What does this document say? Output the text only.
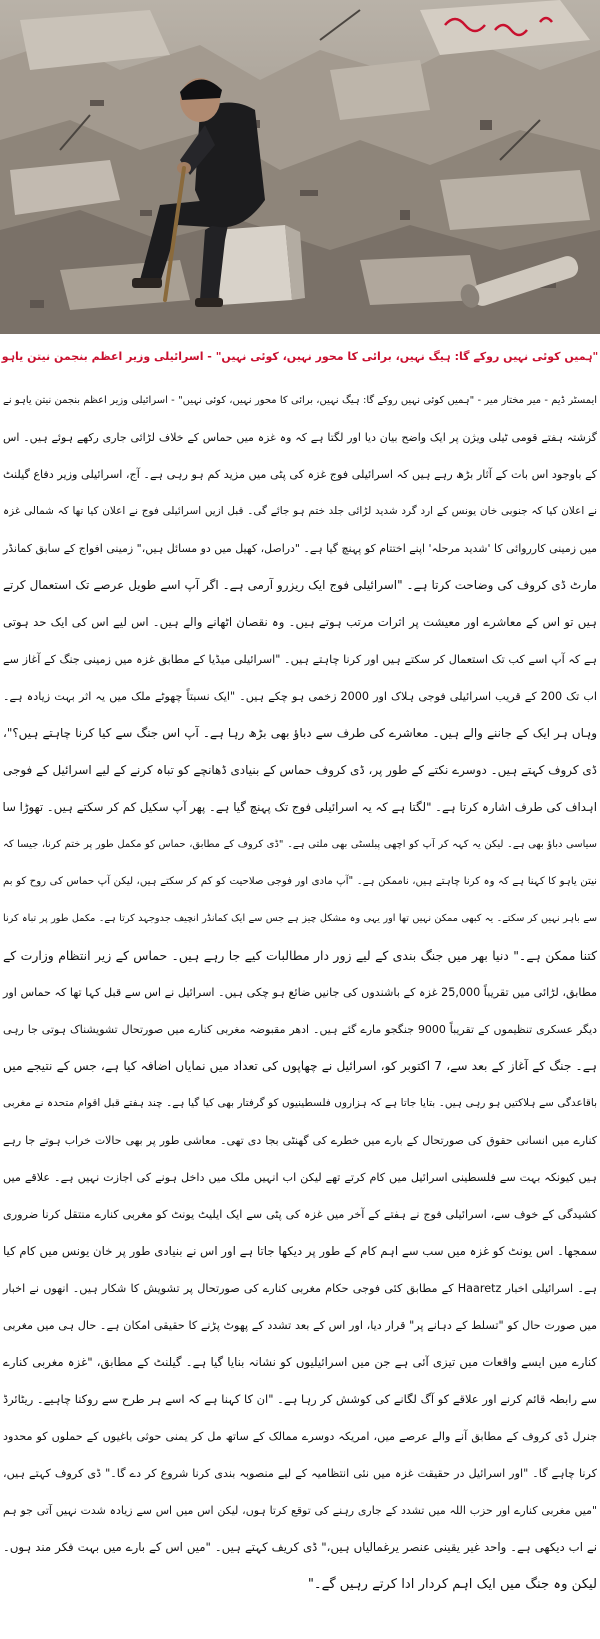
"ہمیں کوئی نہیں روکے گا: ہیگ نہیں، برائی کا محور نہیں، کوئی نہیں" - اسرائیلی وزیر اعظم بنجمن نیتن یاہو
ایمسٹر ڈیم - میر مختار میر - "ہمیں کوئی نہیں روکے گا: ہیگ نہیں، برائی کا محور نہیں، کوئی نہیں" - اسرائیلی وزیر اعظم بنجمن نیتن یاہو نے
گزشتہ ہفتے قومی ٹیلی ویژن پر ایک واضح بیان دیا اور لگتا ہے کہ وہ غزہ میں حماس کے خلاف لڑائی جاری رکھے ہوئے ہیں۔ اس
کے باوجود اس بات کے آثار بڑھ رہے ہیں کہ اسرائیلی فوج غزہ کی پٹی میں مزید کم ہو رہی ہے۔ آج، اسرائیلی وزیر دفاع گیلنٹ
نے اعلان کیا کہ جنوبی خان یونس کے ارد گرد شدید لڑائی جلد ختم ہو جائے گی۔ قبل ازیں اسرائیلی فوج نے اعلان کیا تھا کہ شمالی غزہ
میں زمینی کارروائی کا 'شدید مرحلہ' اپنے اختتام کو پہنچ گیا ہے۔ "دراصل، کھیل میں دو مسائل ہیں،" زمینی افواج کے سابق کمانڈر
مارٹ ڈی کروف کی وضاحت کرتا ہے۔ "اسرائیلی فوج ایک ریزرو آرمی ہے۔ اگر آپ اسے طویل عرصے تک استعمال کرتے
ہیں تو اس کے معاشرے اور معیشت پر اثرات مرتب ہوتے ہیں۔ وہ نقصان اٹھانے والے ہیں۔ اس لیے اس کی ایک حد ہوتی
ہے کہ آپ اسے کب تک استعمال کر سکتے ہیں اور کرنا چاہتے ہیں۔ "اسرائیلی میڈیا کے مطابق غزہ میں زمینی جنگ کے آغاز سے
اب تک 200 کے قریب اسرائیلی فوجی ہلاک اور 2000 زخمی ہو چکے ہیں۔ "ایک نسبتاً چھوٹے ملک میں یہ اثر بہت زیادہ ہے۔
وہاں ہر ایک کے جاننے والے ہیں۔ معاشرے کی طرف سے دباؤ بھی بڑھ رہا ہے۔ آپ اس جنگ سے کیا کرنا چاہتے ہیں؟"،
ڈی کروف کہتے ہیں۔ دوسرے نکتے کے طور پر، ڈی کروف حماس کے بنیادی ڈھانچے کو تباہ کرنے کے لیے اسرائیل کے فوجی
اہداف کی طرف اشارہ کرتا ہے۔ "لگتا ہے کہ یہ اسرائیلی فوج تک پہنچ گیا ہے۔ پھر آپ سکیل کم کر سکتے ہیں۔ تھوڑا سا
سیاسی دباؤ بھی ہے۔ لیکن یہ کہہ کر آپ کو اچھی پبلسٹی بھی ملتی ہے۔ "ڈی کروف کے مطابق، حماس کو مکمل طور پر ختم کرنا، جیسا کہ
نیتن یاہو کا کہنا ہے کہ وہ کرنا چاہتے ہیں، ناممکن ہے۔ "آپ مادی اور فوجی صلاحیت کو کم کر سکتے ہیں، لیکن آپ حماس کی روح کو بم
سے باہر نہیں کر سکتے۔ یہ کبھی ممکن نہیں تھا اور یہی وہ مشکل چیز ہے جس سے ایک کمانڈر انچیف جدوجہد کرتا ہے۔ مکمل طور پر تباہ کرنا
کتنا ممکن ہے۔" دنیا بھر میں جنگ بندی کے لیے زور دار مطالبات کیے جا رہے ہیں۔ حماس کے زیر انتظام وزارت کے
مطابق، لڑائی میں تقریباً 25,000 غزہ کے باشندوں کی جانیں ضائع ہو چکی ہیں۔ اسرائیل نے اس سے قبل کہا تھا کہ حماس اور
دیگر عسکری تنظیموں کے تقریباً 9000 جنگجو مارے گئے ہیں۔ ادھر مقبوضہ مغربی کنارے میں صورتحال تشویشناک ہوتی جا رہی
ہے۔ جنگ کے آغاز کے بعد سے، 7 اکتوبر کو، اسرائیل نے چھاپوں کی تعداد میں نمایاں اضافہ کیا ہے، جس کے نتیجے میں
باقاعدگی سے ہلاکتیں ہو رہی ہیں۔ بتایا جاتا ہے کہ ہزاروں فلسطینیوں کو گرفتار بھی کیا گیا ہے۔ چند ہفتے قبل اقوام متحدہ نے مغربی
کنارے میں انسانی حقوق کی صورتحال کے بارے میں خطرے کی گھنٹی بجا دی تھی۔ معاشی طور پر بھی حالات خراب ہوتے جا رہے
ہیں کیونکہ بہت سے فلسطینی اسرائیل میں کام کرتے تھے لیکن اب انہیں ملک میں داخل ہونے کی اجازت نہیں ہے۔ علاقے میں
کشیدگی کے خوف سے، اسرائیلی فوج نے ہفتے کے آخر میں غزہ کی پٹی سے ایک ایلیٹ یونٹ کو مغربی کنارے منتقل کرنا ضروری
سمجھا۔ اس یونٹ کو غزہ میں سب سے اہم کام کے طور پر دیکھا جاتا ہے اور اس نے بنیادی طور پر خان یونس میں کام کیا
ہے۔ اسرائیلی اخبار Haaretz کے مطابق کئی فوجی حکام مغربی کنارے کی صورتحال پر تشویش کا شکار ہیں۔ انھوں نے اخبار
میں صورت حال کو "تسلط کے دہانے پر" قرار دیا، اور اس کے بعد تشدد کے پھوٹ پڑنے کا حقیقی امکان ہے۔ حال ہی میں مغربی
کنارے میں ایسے واقعات میں تیزی آئی ہے جن میں اسرائیلیوں کو نشانہ بنایا گیا ہے۔ گیلنٹ کے مطابق، "غزہ مغربی کنارے
سے رابطہ قائم کرنے اور علاقے کو آگ لگانے کی کوشش کر رہا ہے۔ "ان کا کہنا ہے کہ اسے ہر طرح سے روکنا چاہیے۔ ریٹائرڈ
جنرل ڈی کروف کے مطابق آنے والے عرصے میں، امریکہ دوسرے ممالک کے ساتھ مل کر یمنی حوثی باغیوں کے حملوں کو محدود
کرنا چاہے گا۔ "اور اسرائیل در حقیقت غزہ میں نئی انتظامیہ کے لیے منصوبہ بندی کرنا شروع کر دے گا۔" ڈی کروف کہتے ہیں،
"میں مغربی کنارے اور حزب اللہ میں تشدد کے جاری رہنے کی توقع کرتا ہوں، لیکن اس میں اس سے زیادہ شدت نہیں آتی جو ہم
نے اب دیکھی ہے۔ واحد غیر یقینی عنصر یرغمالیاں ہیں،" ڈی کریف کہتے ہیں۔ "میں اس کے بارے میں بہت فکر مند ہوں۔
لیکن وہ جنگ میں ایک اہم کردار ادا کرتے رہیں گے۔"
